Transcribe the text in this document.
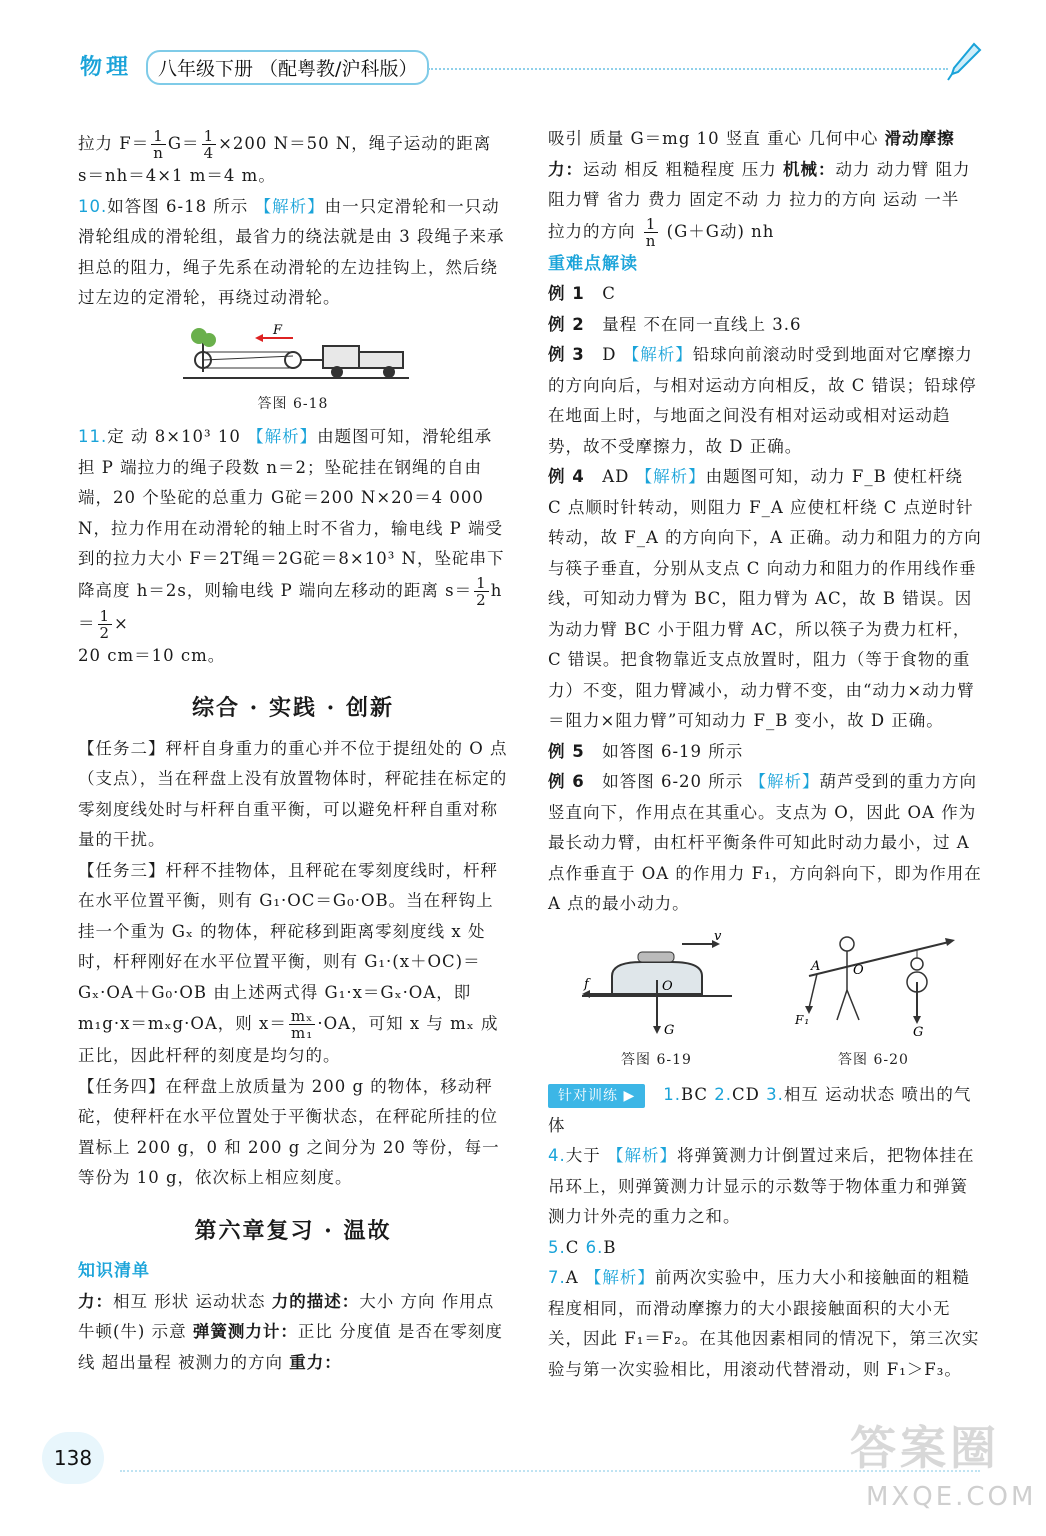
物理	八年级下册 （配粤教/沪科版）

拉力 $F= \frac{1}{n} G= \frac{1}{4} \times 200$ N＝50 N，绳子运动的距离

s＝nh＝4×1 m＝4 m。

10.如答图 6-18 所示 【解析】由一只定滑轮和一只动滑轮组成的滑轮组，最省力的绕法就是由 3 段绳子来承担总的阻力，绳子先系在动滑轮的左边挂钩上，然后绕过左边的定滑轮，再绕过动滑轮。

F
答图 6-18

11.定 动 8×10³ 10 【解析】由题图可知，滑轮组承担 P 端拉力的绳子段数 n＝2；坠砣挂在钢绳的自由端，20 个坠砣的总重力 G砣＝200 N×20＝4 000 N，拉力作用在动滑轮的轴上时不省力，输电线 P 端受到的拉力大小 F＝2T绳＝2G砣＝8×10³ N，坠砣串下降高度 h＝2s，则输电线 P 端向左移动的距离 $s= \frac{1}{2} h= \frac{1}{2}$ ×

20 cm＝10 cm。

综合 · 实践 · 创新

【任务二】秤杆自身重力的重心并不位于提纽处的 O 点（支点），当在秤盘上没有放置物体时，秤砣挂在标定的零刻度线处时与杆秤自重平衡，可以避免杆秤自重对称量的干扰。

【任务三】杆秤不挂物体，且秤砣在零刻度线时，杆秤在水平位置平衡，则有 G₁·OC＝G₀·OB。当在秤钩上挂一个重为 Gₓ 的物体，秤砣移到距离零刻度线 x 处时，杆秤刚好在水平位置平衡，则有 G₁·(x＋OC)＝Gₓ·OA＋G₀·OB 由上述两式得 G₁·x＝Gₓ·OA，即 m₁g·x＝mₓg·OA，则 $x= \frac{\text{mₓ}}{\text{m₁}} \cdot OA$，可知 x 与 mₓ 成正比，因此杆秤的刻度是均匀的。

【任务四】在秤盘上放质量为 200 g 的物体，移动秤砣，使秤杆在水平位置处于平衡状态，在秤砣所挂的位置标上 200 g，0 和 200 g 之间分为 20 等份，每一等份为 10 g，依次标上相应刻度。

第六章复习 · 温故

知识清单

力：相互 形状 运动状态 力的描述：大小 方向 作用点 牛顿(牛) 示意 弹簧测力计：正比 分度值 是否在零刻度线 超出量程 被测力的方向 重力：

吸引 质量 G＝mg 10 竖直 重心 几何中心 滑动摩擦力：运动 相反 粗糙程度 压力 机械：动力 动力臂 阻力 阻力臂 省力 费力 固定不动 力 拉力的方向 运动 一半 拉力的方向 $\frac{1}{n} (G+G$动) nh

重难点解读

例 1　 C

例 2　 量程 不在同一直线上 3.6

例 3　 D 【解析】铅球向前滚动时受到地面对它摩擦力的方向向后，与相对运动方向相反，故 C 错误；铅球停在地面上时，与地面之间没有相对运动或相对运动趋势，故不受摩擦力，故 D 正确。

例 4　 AD 【解析】由题图可知，动力 F_B 使杠杆绕 C 点顺时针转动，则阻力 F_A 应使杠杆绕 C 点逆时针转动，故 F_A 的方向向下，A 正确。动力和阻力的方向与筷子垂直，分别从支点 C 向动力和阻力的作用线作垂线，可知动力臂为 BC，阻力臂为 AC，故 B 错误。因为动力臂 BC 小于阻力臂 AC，所以筷子为费力杠杆，C 错误。把食物靠近支点放置时，阻力（等于食物的重力）不变，阻力臂减小，动力臂不变，由“动力×动力臂＝阻力×阻力臂”可知动力 F_B 变小，故 D 正确。

例 5　 如答图 6-19 所示

例 6　 如答图 6-20 所示 【解析】葫芦受到的重力方向竖直向下，作用点在其重心。支点为 O，因此 OA 作为最长动力臂，由杠杆平衡条件可知此时动力最小，过 A 点作垂直于 OA 的作用力 F₁，方向斜向下，即为作用在 A 点的最小动力。

v
f	O
G
答图 6-19
A O
F₁
G
答图 6-20

针对训练 ▶ 1.BC 2.CD 3.相互 运动状态 喷出的气体

4.大于 【解析】将弹簧测力计倒置过来后，把物体挂在吊环上，则弹簧测力计显示的示数等于物体重力和弹簧测力计外壳的重力之和。

5.C 6.B

7.A 【解析】前两次实验中，压力大小和接触面的粗糙程度相同，而滑动摩擦力的大小跟接触面积的大小无关，因此 F₁＝F₂。在其他因素相同的情况下，第三次实验与第一次实验相比，用滚动代替滑动，则 F₁＞F₃。

138	答案圈
MXQE.COM
